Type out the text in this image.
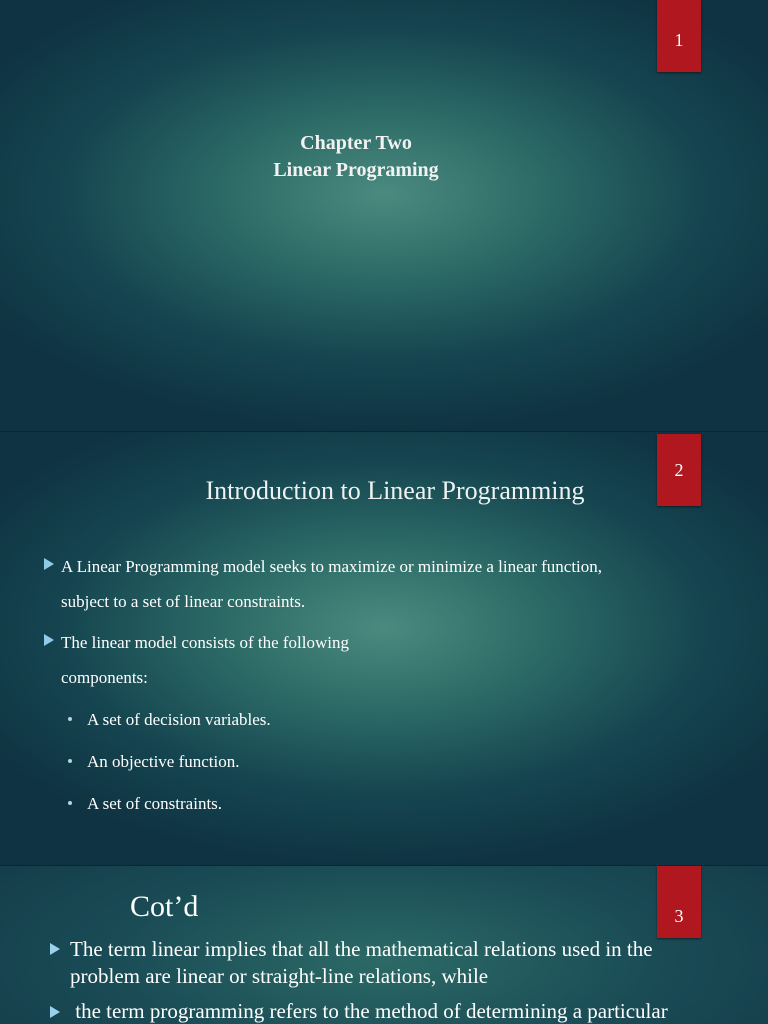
1
Chapter Two
Linear Programing
2
Introduction to Linear Programming
A Linear Programming model seeks to maximize or minimize a linear function,
subject to a set of linear constraints.
The linear model consists of the following
components:
A set of decision variables.
An objective function.
A set of constraints.
3
Cot’d
The term linear implies that all the mathematical relations used in the
problem are linear or straight-line relations, while
the term programming refers to the method of determining a particular
